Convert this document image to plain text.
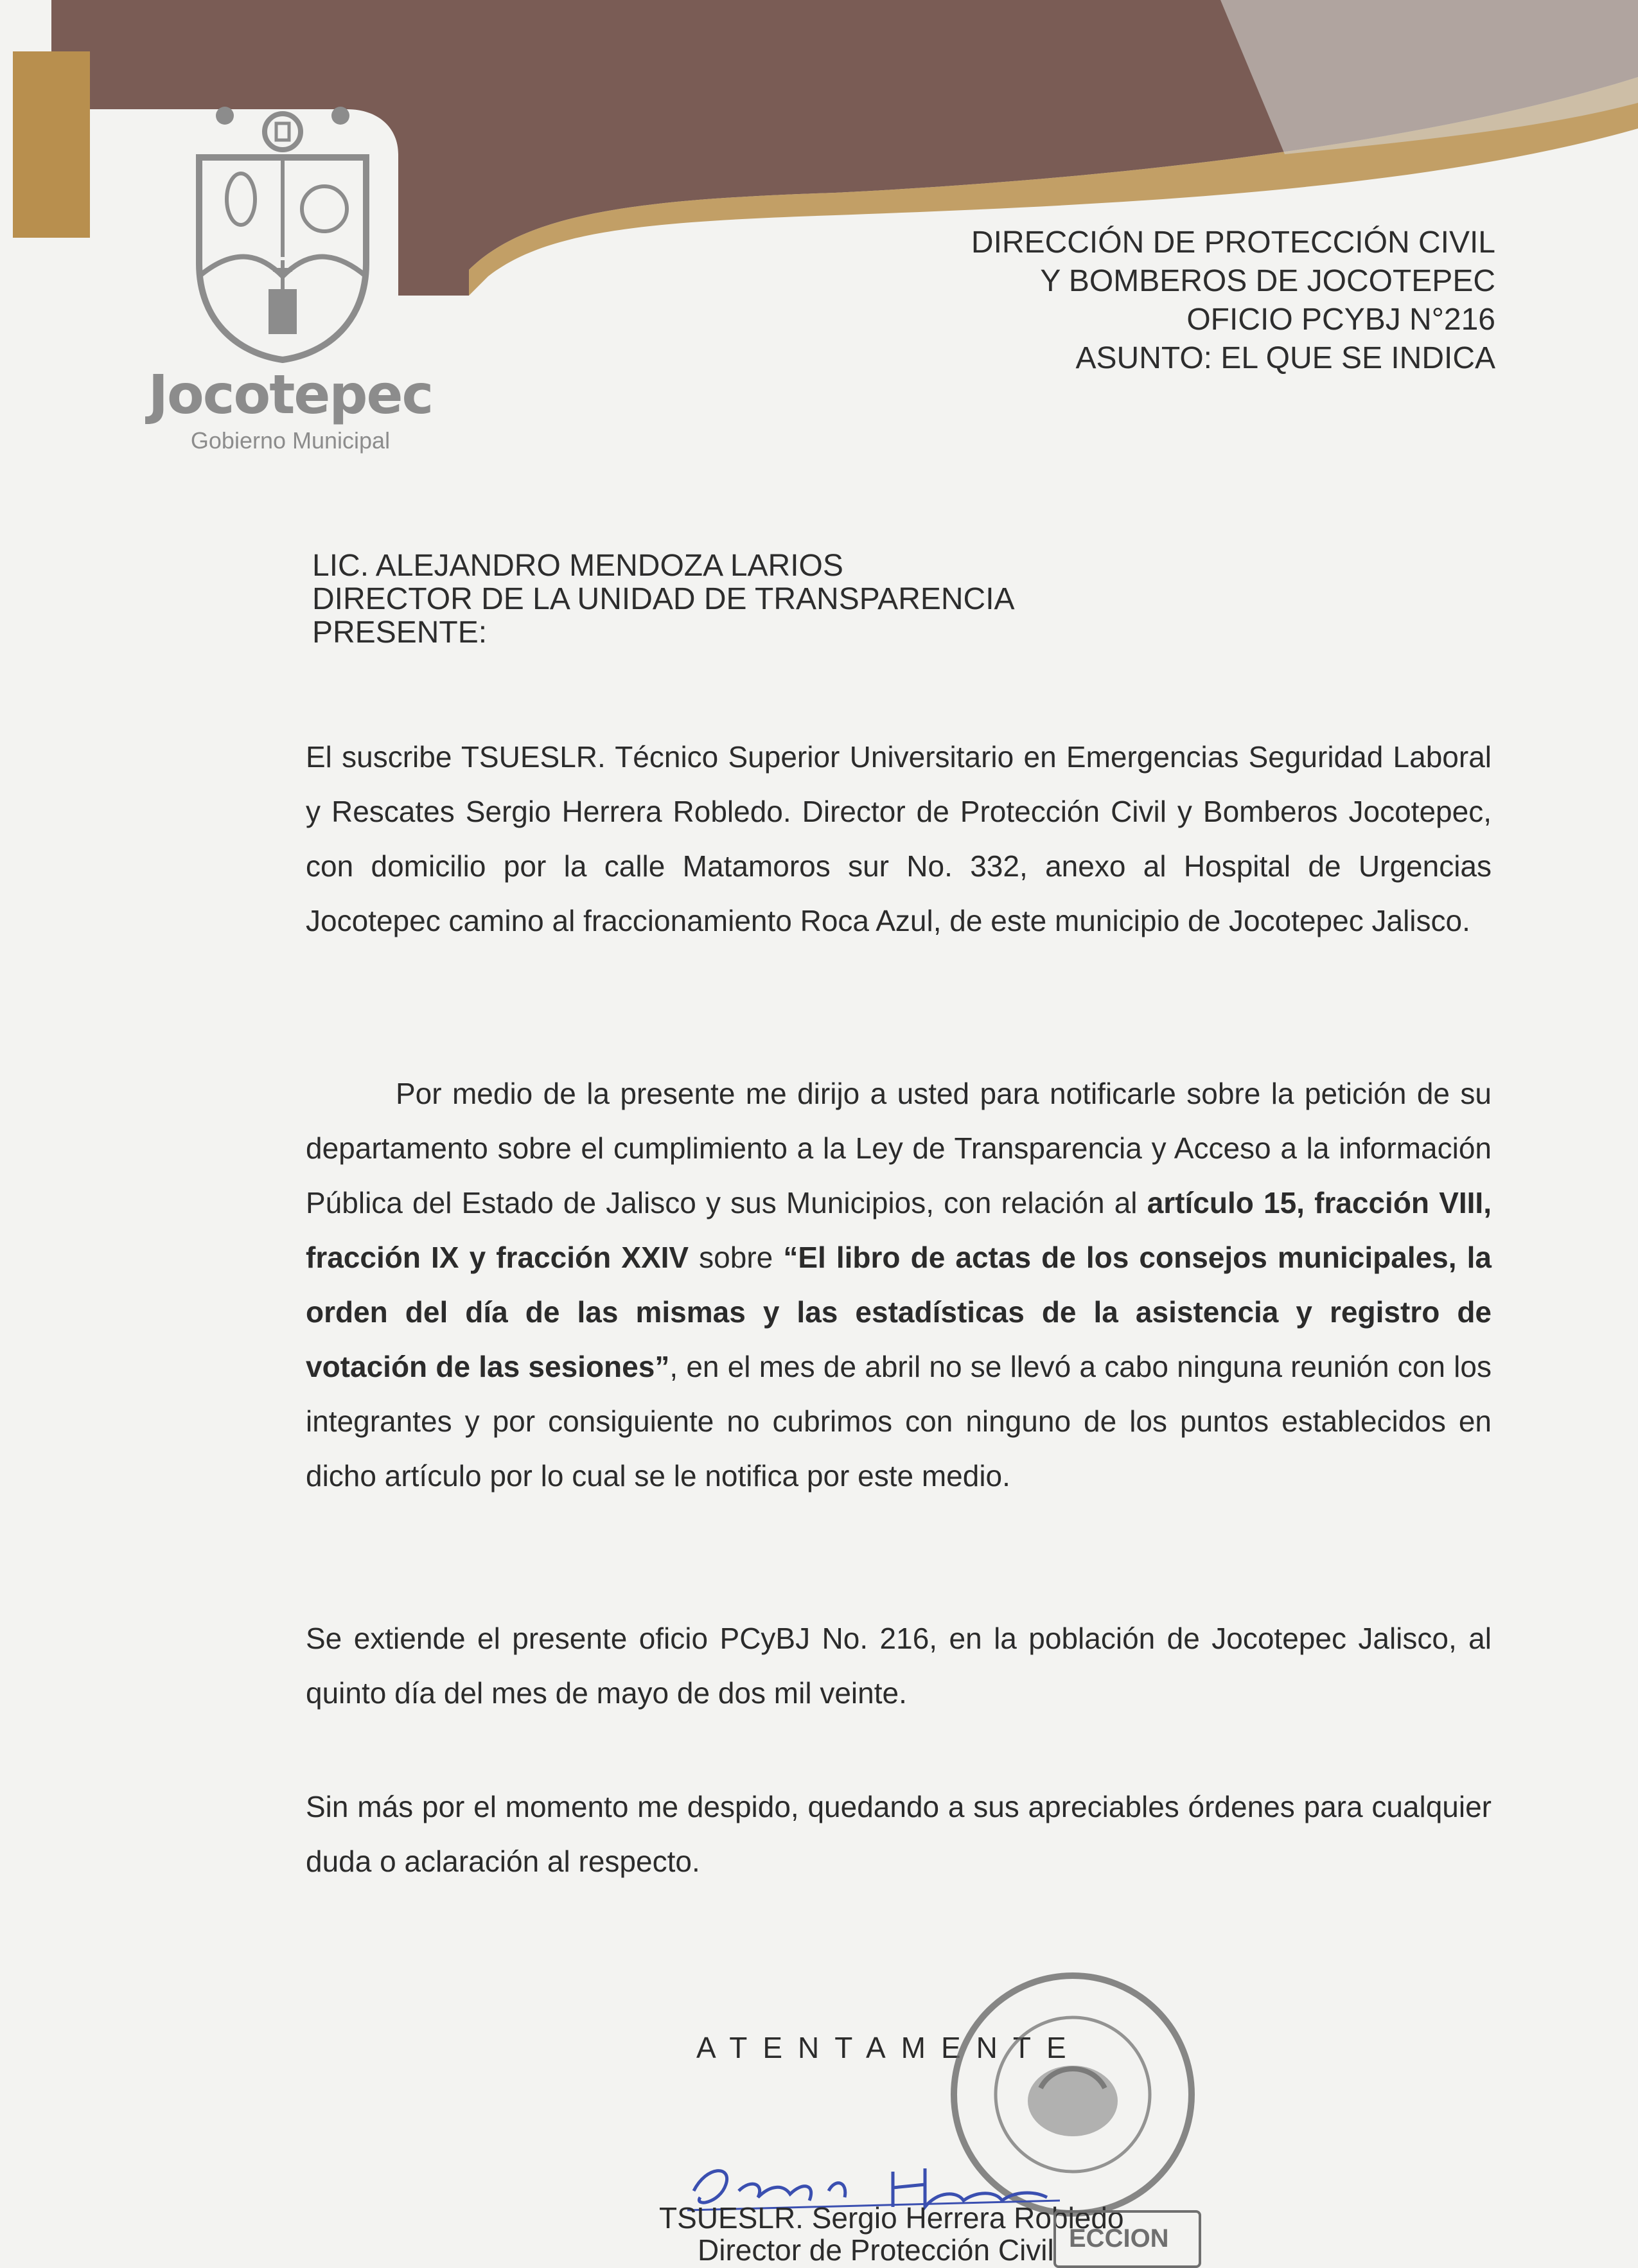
Jocotepec
Gobierno Municipal
DIRECCIÓN DE PROTECCIÓN CIVIL
Y BOMBEROS DE JOCOTEPEC
OFICIO PCYBJ N°216
ASUNTO: EL QUE SE INDICA
LIC. ALEJANDRO MENDOZA LARIOS
DIRECTOR DE LA UNIDAD DE TRANSPARENCIA
PRESENTE:
El suscribe TSUESLR. Técnico Superior Universitario en Emergencias Seguridad Laboral y Rescates Sergio Herrera Robledo. Director de Protección Civil y Bomberos Jocotepec, con domicilio por la calle Matamoros sur No. 332, anexo al Hospital de Urgencias Jocotepec camino al fraccionamiento Roca Azul, de este municipio de Jocotepec Jalisco.
Por medio de la presente me dirijo a usted para notificarle sobre la petición de su departamento sobre el cumplimiento a la Ley de Transparencia y Acceso a la información Pública del Estado de Jalisco y sus Municipios, con relación al artículo 15, fracción VIII, fracción IX y fracción XXIV sobre “El libro de actas de los consejos municipales, la orden del día de las mismas y las estadísticas de la asistencia y registro de votación de las sesiones”, en el mes de abril no se llevó a cabo ninguna reunión con los integrantes y por consiguiente no cubrimos con ninguno de los puntos establecidos en dicho artículo por lo cual se le notifica por este medio.
Se extiende el presente oficio PCyBJ No. 216, en la población de Jocotepec Jalisco, al quinto día del mes de mayo de dos mil veinte.
Sin más por el momento me despido, quedando a sus apreciables órdenes para cualquier duda o aclaración al respecto.
ATENTAMENTE
TSUESLR. Sergio Herrera Robledo
Director de Protección Civil ECCION
